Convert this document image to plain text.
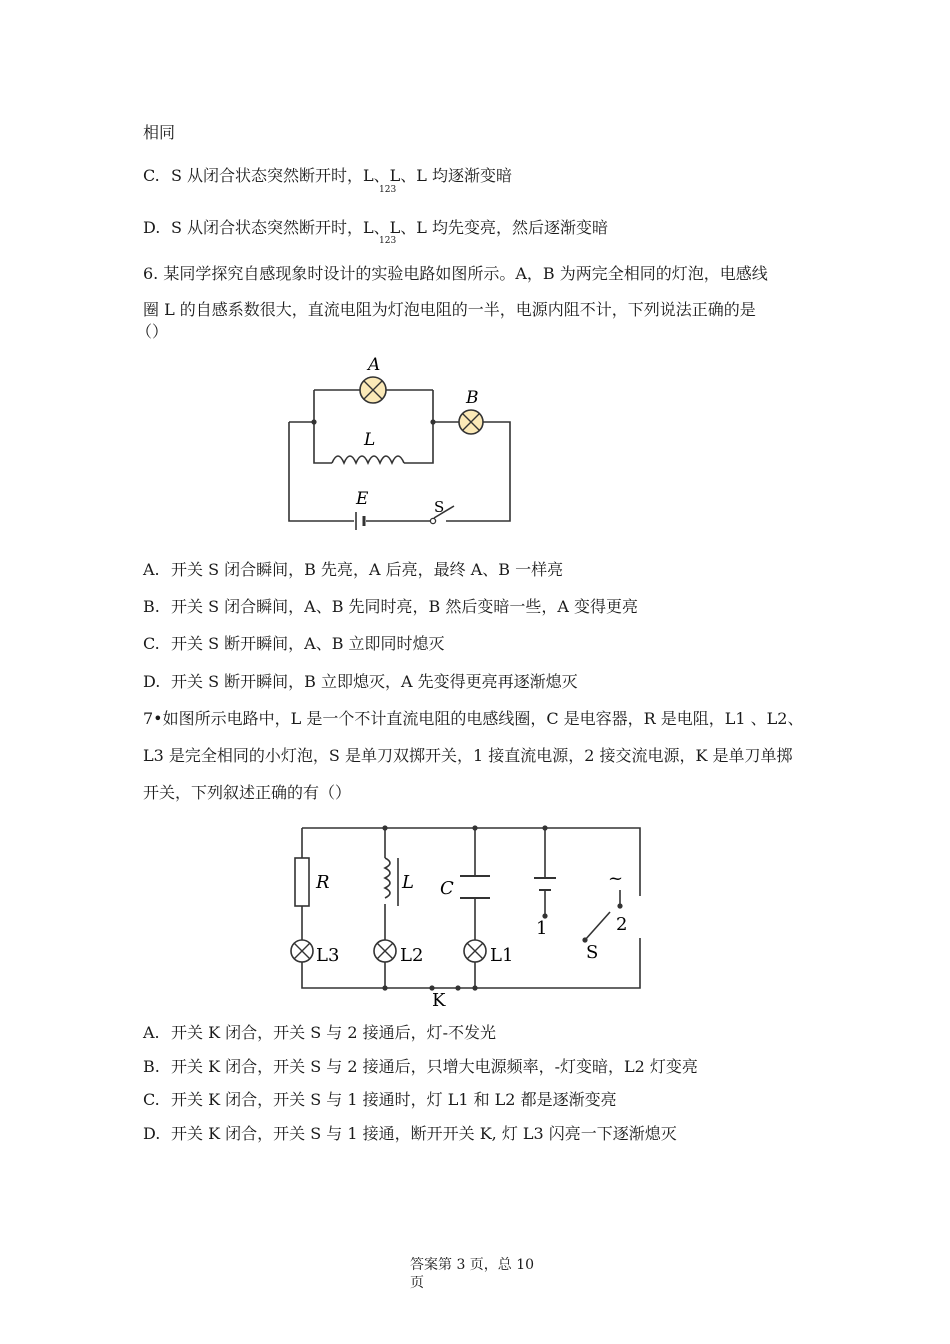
相同
C. S 从闭合状态突然断开时，L、L、L 均逐渐变暗
123
D. S 从闭合状态突然断开时，L、L、L 均先变亮，然后逐渐变暗
123
6. 某同学探究自感现象时设计的实验电路如图所示。A，B 为两完全相同的灯泡，电感线
圈 L 的自感系数很大，直流电阻为灯泡电阻的一半，电源内阻不计，下列说法正确的是
（）
A
B
L
E	S
A. 开关 S 闭合瞬间，B 先亮，A 后亮，最终 A、B 一样亮
B. 开关 S 闭合瞬间，A、B 先同时亮，B 然后变暗一些，A 变得更亮
C. 开关 S 断开瞬间，A、B 立即同时熄灭
D. 开关 S 断开瞬间，B 立即熄灭，A 先变得更亮再逐渐熄灭
7•如图所示电路中，L 是一个不计直流电阻的电感线圈，C 是电容器，R 是电阻，L1 、L2、
L3 是完全相同的小灯泡，S 是单刀双掷开关，1 接直流电源，2 接交流电源，K 是单刀单掷
开关，下列叙述正确的有（）
R	L C
L3	L2	L1
1	2
~
S
K
A. 开关 K 闭合，开关 S 与 2 接通后，灯-不发光
B. 开关 K 闭合，开关 S 与 2 接通后，只增大电源频率，-灯变暗，L2 灯变亮
C. 开关 K 闭合，开关 S 与 1 接通时，灯 L1 和 L2 都是逐渐变亮
D. 开关 K 闭合，开关 S 与 1 接通，断开开关 K, 灯 L3 闪亮一下逐渐熄灭
答案第 3 页，总 10
页
